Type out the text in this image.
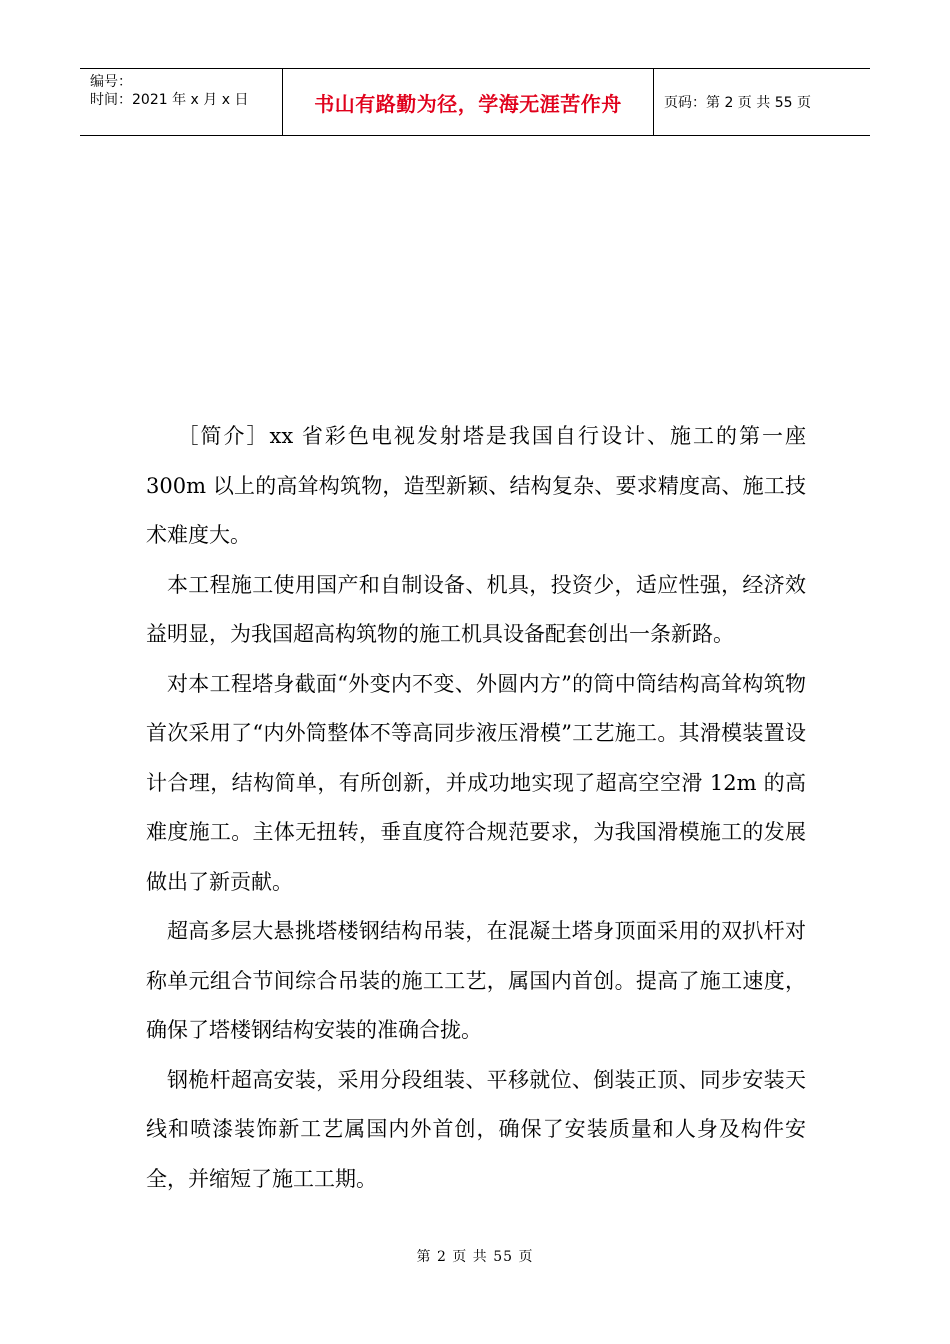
编号：
时间：2021 年 x 月 x 日	书山有路勤为径，学海无涯苦作舟	页码：第 2 页 共 55 页

［简介］xx 省彩色电视发射塔是我国自行设计、施工的第一座 300m 以上的高耸构筑物，造型新颖、结构复杂、要求精度高、施工技术难度大。

本工程施工使用国产和自制设备、机具，投资少，适应性强，经济效益明显，为我国超高构筑物的施工机具设备配套创出一条新路。

对本工程塔身截面“外变内不变、外圆内方”的筒中筒结构高耸构筑物首次采用了“内外筒整体不等高同步液压滑模”工艺施工。其滑模装置设计合理，结构简单，有所创新，并成功地实现了超高空空滑 12m 的高难度施工。主体无扭转，垂直度符合规范要求，为我国滑模施工的发展做出了新贡献。

超高多层大悬挑塔楼钢结构吊装，在混凝土塔身顶面采用的双扒杆对称单元组合节间综合吊装的施工工艺，属国内首创。提高了施工速度，确保了塔楼钢结构安装的准确合拢。

钢桅杆超高安装，采用分段组装、平移就位、倒装正顶、同步安装天线和喷漆装饰新工艺属国内外首创，确保了安装质量和人身及构件安全，并缩短了施工工期。

第 2 页 共 55 页
